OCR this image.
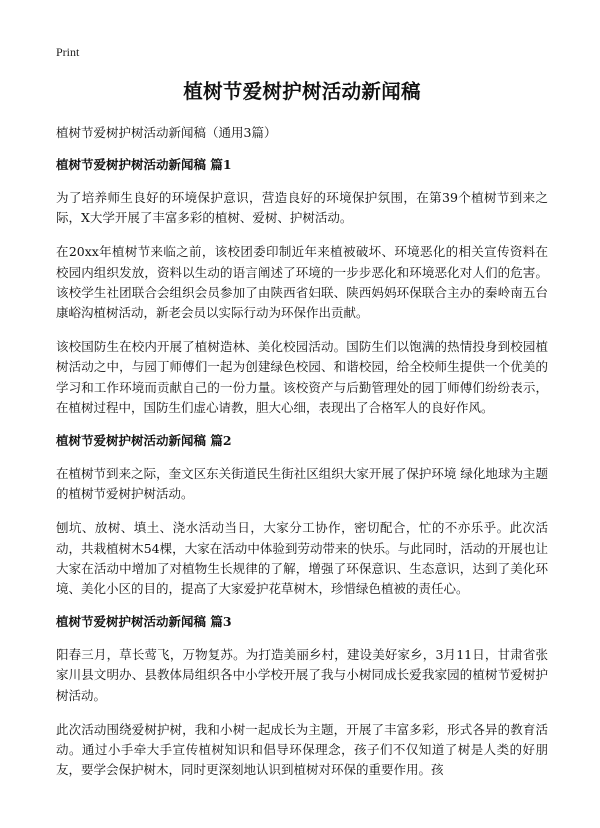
Print
植树节爱树护树活动新闻稿
植树节爱树护树活动新闻稿（通用3篇）
植树节爱树护树活动新闻稿 篇1

为了培养师生良好的环境保护意识，营造良好的环境保护氛围，在第39个植树节到来之际，X大学开展了丰富多彩的植树、爱树、护树活动。

在20xx年植树节来临之前，该校团委印制近年来植被破坏、环境恶化的相关宣传资料在校园内组织发放，资料以生动的语言阐述了环境的一步步恶化和环境恶化对人们的危害。该校学生社团联合会组织会员参加了由陕西省妇联、陕西妈妈环保联合主办的秦岭南五台康峪沟植树活动，新老会员以实际行动为环保作出贡献。

该校国防生在校内开展了植树造林、美化校园活动。国防生们以饱满的热情投身到校园植树活动之中，与园丁师傅们一起为创建绿色校园、和谐校园，给全校师生提供一个优美的学习和工作环境而贡献自己的一份力量。该校资产与后勤管理处的园丁师傅们纷纷表示，在植树过程中，国防生们虚心请教，胆大心细，表现出了合格军人的良好作风。

植树节爱树护树活动新闻稿 篇2

在植树节到来之际，奎文区东关街道民生街社区组织大家开展了保护环境 绿化地球为主题的植树节爱树护树活动。

刨坑、放树、填土、浇水活动当日，大家分工协作，密切配合，忙的不亦乐乎。此次活动，共栽植树木54棵，大家在活动中体验到劳动带来的快乐。与此同时，活动的开展也让大家在活动中增加了对植物生长规律的了解，增强了环保意识、生态意识，达到了美化环境、美化小区的目的，提高了大家爱护花草树木，珍惜绿色植被的责任心。

植树节爱树护树活动新闻稿 篇3

阳春三月，草长莺飞，万物复苏。为打造美丽乡村，建设美好家乡，3月11日，甘肃省张家川县文明办、县教体局组织各中小学校开展了我与小树同成长爱我家园的植树节爱树护树活动。

此次活动围绕爱树护树，我和小树一起成长为主题，开展了丰富多彩，形式各异的教育活动。通过小手牵大手宣传植树知识和倡导环保理念，孩子们不仅知道了树是人类的好朋友，要学会保护树木，同时更深刻地认识到植树对环保的重要作用。孩
